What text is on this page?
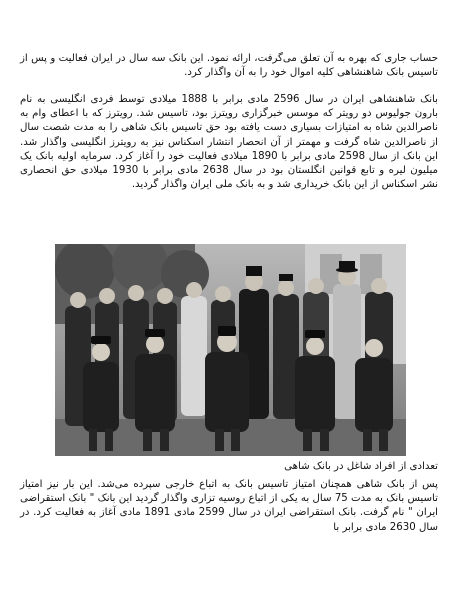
حساب جاری که بهره به آن تعلق می‌گرفت، ارائه نمود. این بانک سه سال در ایران فعالیت و پس از تاسیس بانک شاهنشاهی کلیه اموال خود را به آن واگذار کرد.

بانک شاهنشاهی ایران در سال 2596 مادی برابر با 1888 میلادی توسط فردی انگلیسی به نام بارون جولیوس دو رویتر که موسس خبرگزاری رویترز بود، تاسیس شد. رویترز که با اعطای وام به ناصرالدین شاه به امتیازات بسیاری دست یافته بود حق تاسیس بانک شاهی را به مدت شصت سال از ناصرالدین شاه گرفت و مهمتر از آن انحصار انتشار اسکناس نیز به رویترز انگلیسی واگذار شد. این بانک از سال 2598 مادی برابر با 1890 میلادی فعالیت خود را آغاز کرد. سرمایه اولیه بانک یک میلیون لیره و تابع قوانین انگلستان بود در سال 2638 مادی برابر با 1930 میلادی حق انحصاری نشر اسکناس از این بانک خریداری شد و به بانک ملی ایران واگذار گردید.

تعدادی از افراد شاغل در بانک شاهی

پس از بانک شاهی همچنان امتیاز تاسیس بانک به اتباع خارجی سپرده می‌شد. این بار نیز امتیاز تاسیس بانک به مدت 75 سال به یکی از اتباع روسیه تزاری واگذار گردید این بانک " بانک استقراضی ایران " نام گرفت. بانک استقراضی ایران در سال 2599 مادی 1891 مادی آغاز به فعالیت کرد. در سال 2630 مادی برابر با
